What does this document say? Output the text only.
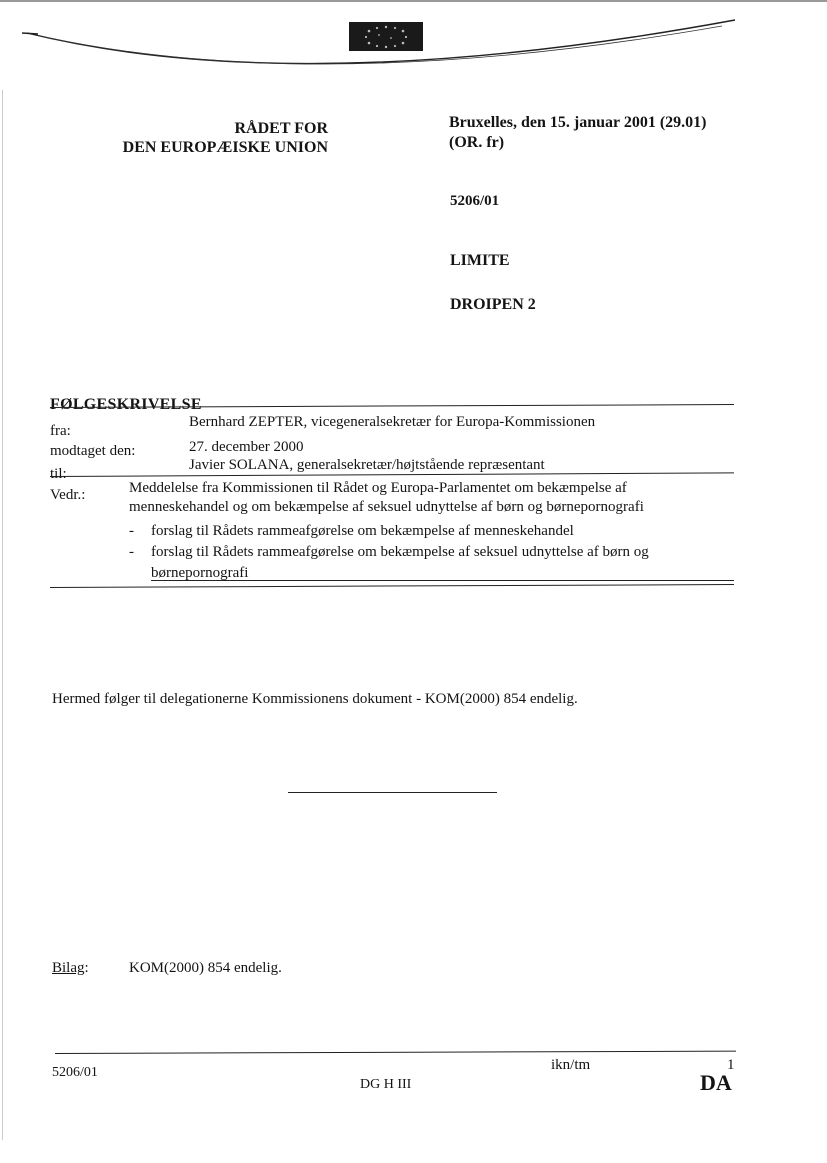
RÅDET FOR
DEN EUROPÆISKE UNION
Bruxelles, den 15. januar 2001 (29.01)
(OR. fr)
5206/01
LIMITE
DROIPEN 2
FØLGESKRIVELSE
fra:
Bernhard ZEPTER, vicegeneralsekretær for Europa-Kommissionen
modtaget den:	27. december 2000
til:
Javier SOLANA, generalsekretær/højtstående repræsentant
Vedr.:	Meddelelse fra Kommissionen til Rådet og Europa-Parlamentet om bekæmpelse af
menneskehandel og om bekæmpelse af seksuel udnyttelse af børn og børnepornografi
- forslag til Rådets rammeafgørelse om bekæmpelse af menneskehandel
- forslag til Rådets rammeafgørelse om bekæmpelse af seksuel udnyttelse af børn og
børnepornografi
Hermed følger til delegationerne Kommissionens dokument - KOM(2000) 854 endelig.
Bilag:	KOM(2000) 854 endelig.
5206/01	ikn/tm	1
DG H III	DA
